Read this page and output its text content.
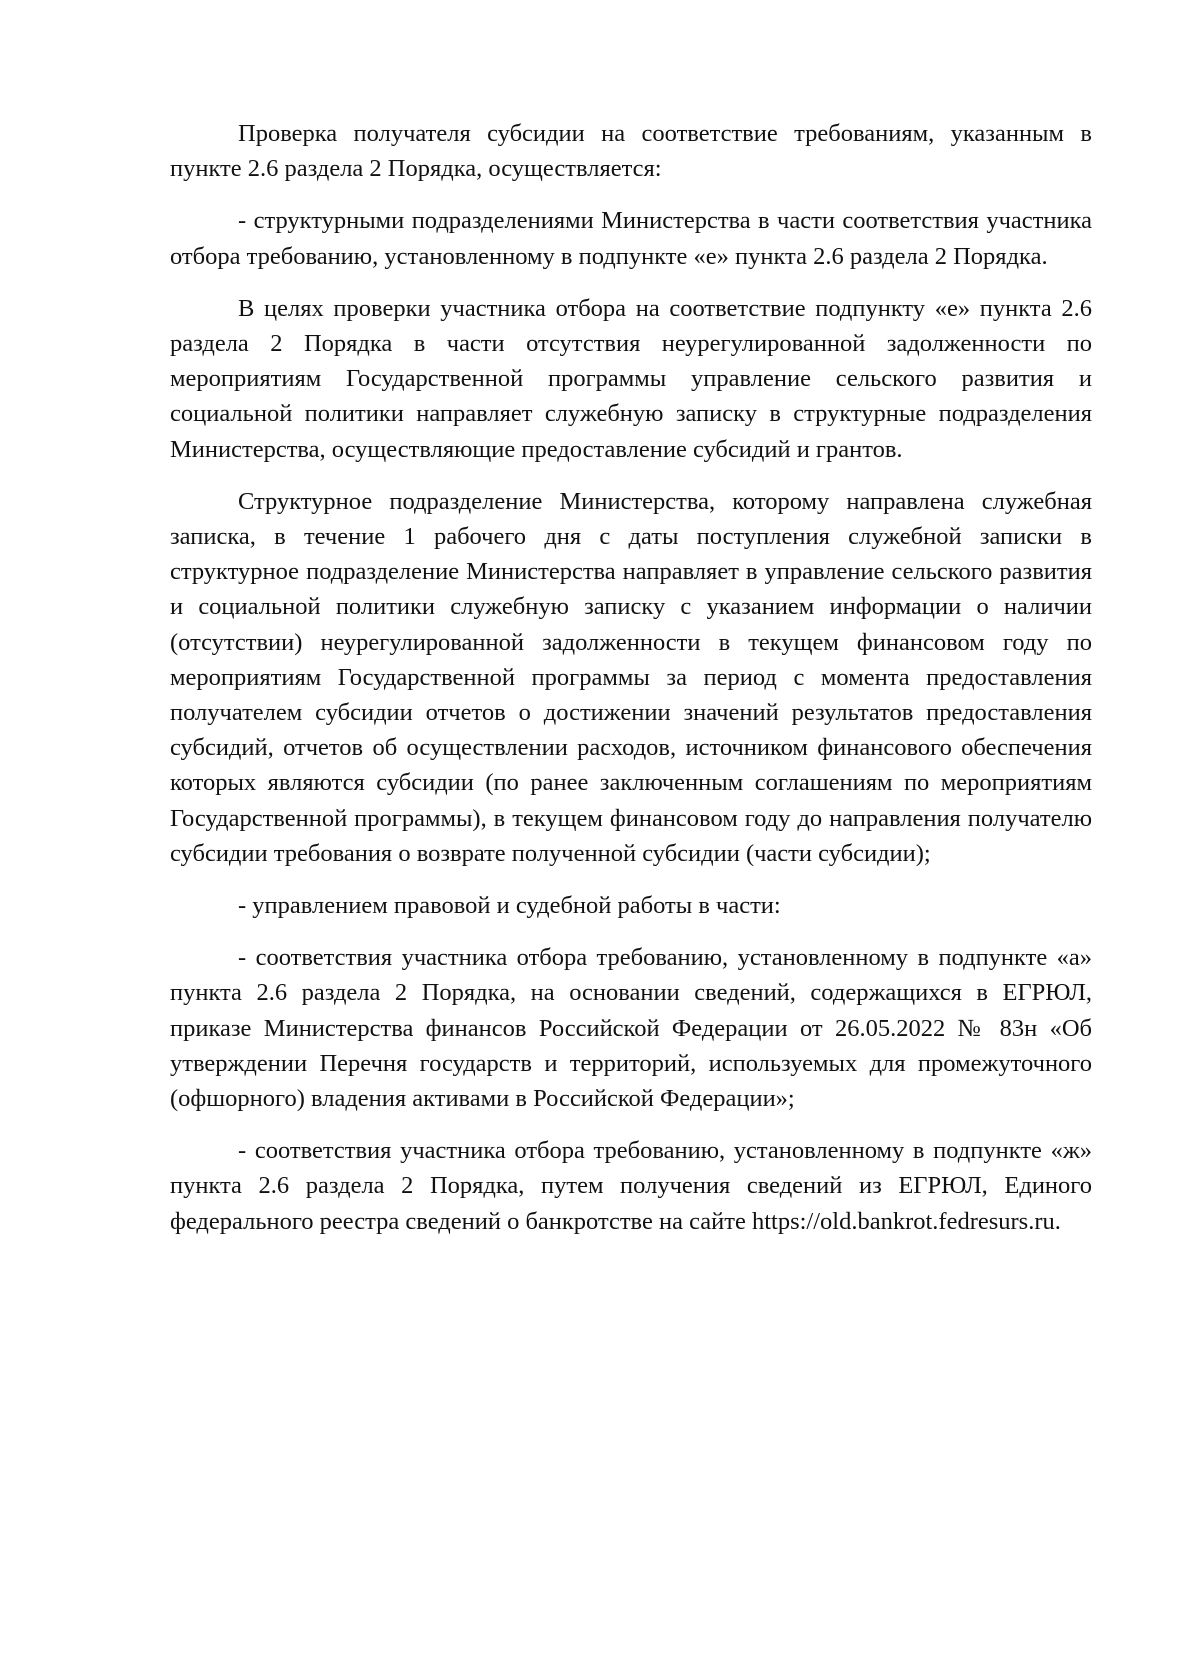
Проверка получателя субсидии на соответствие требованиям, указанным в пункте 2.6 раздела 2 Порядка, осуществляется:

- структурными подразделениями Министерства в части соответствия участника отбора требованию, установленному в подпункте «е» пункта 2.6 раздела 2 Порядка.

В целях проверки участника отбора на соответствие подпункту «е» пункта 2.6 раздела 2 Порядка в части отсутствия неурегулированной задолженности по мероприятиям Государственной программы управление сельского развития и социальной политики направляет служебную записку в структурные подразделения Министерства, осуществляющие предоставление субсидий и грантов.

Структурное подразделение Министерства, которому направлена служебная записка, в течение 1 рабочего дня с даты поступления служебной записки в структурное подразделение Министерства направляет в управление сельского развития и социальной политики служебную записку с указанием информации о наличии (отсутствии) неурегулированной задолженности в текущем финансовом году по мероприятиям Государственной программы за период с момента предоставления получателем субсидии отчетов о достижении значений результатов предоставления субсидий, отчетов об осуществлении расходов, источником финансового обеспечения которых являются субсидии (по ранее заключенным соглашениям по мероприятиям Государственной программы), в текущем финансовом году до направления получателю субсидии требования о возврате полученной субсидии (части субсидии);

- управлением правовой и судебной работы в части:

- соответствия участника отбора требованию, установленному в подпункте «а» пункта 2.6 раздела 2 Порядка, на основании сведений, содержащихся в ЕГРЮЛ, приказе Министерства финансов Российской Федерации от 26.05.2022 № 83н «Об утверждении Перечня государств и территорий, используемых для промежуточного (офшорного) владения активами в Российской Федерации»;

- соответствия участника отбора требованию, установленному в подпункте «ж» пункта 2.6 раздела 2 Порядка, путем получения сведений из ЕГРЮЛ, Единого федерального реестра сведений о банкротстве на сайте https://old.bankrot.fedresurs.ru.
